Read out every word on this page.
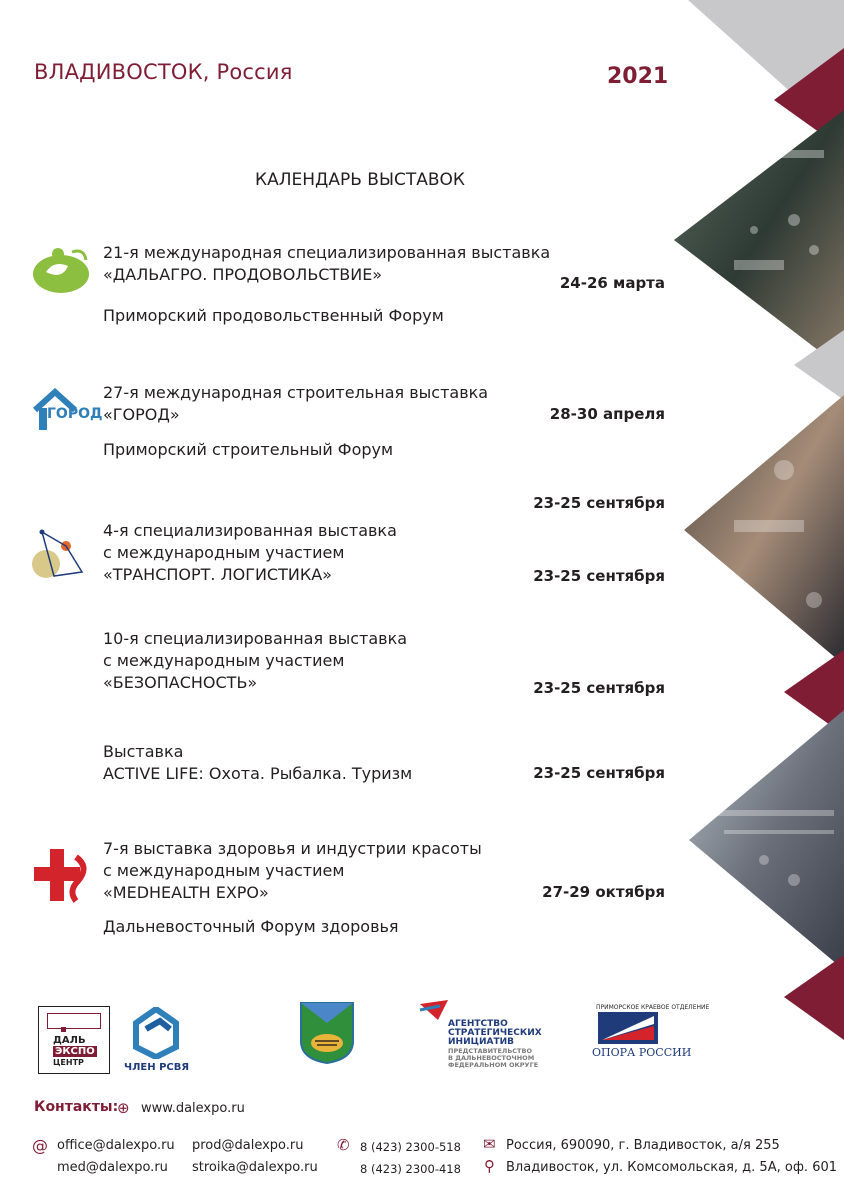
ВЛАДИВОСТОК, Россия	2021
КАЛЕНДАРЬ ВЫСТАВОК
21-я международная специализированная выставка
«ДАЛЬАГРО. ПРОДОВОЛЬСТВИЕ»	24-26 марта
Приморский продовольственный Форум
ГОРОД
27-я международная строительная выставка
«ГОРОД»	28-30 апреля
Приморский строительный Форум
23-25 сентября
4-я специализированная выставка
с международным участием
«ТРАНСПОРТ. ЛОГИСТИКА»	23-25 сентября
10-я специализированная выставка
с международным участием
«БЕЗОПАСНОСТЬ»	23-25 сентября
Выставка
ACTIVE LIFE: Охота. Рыбалка. Туризм	23-25 сентября
7-я выставка здоровья и индустрии красоты
с международным участием
«MEDHEALTH EXPO»	27-29 октября
Дальневосточный Форум здоровья
ДАЛЬ
ЭКСПО
ЦЕНТР	ЧЛЕН РСВЯ
АГЕНТСТВО
СТРАТЕГИЧЕСКИХ
ИНИЦИАТИВ
ПРЕДСТАВИТЕЛЬСТВО
В ДАЛЬНЕВОСТОЧНОМ
ФЕДЕРАЛЬНОМ ОКРУГЕ
ПРИМОРСКОЕ КРАЕВОЕ ОТДЕЛЕНИЕ
ОПОРА РОССИИ
Контакты:
⊕ www.dalexpo.ru
@ office@dalexpo.ru
med@dalexpo.ru
prod@dalexpo.ru
stroika@dalexpo.ru
✆ 8 (423) 2300-518
8 (423) 2300-418
✉ Россия, 690090, г. Владивосток, а/я 255
⚲ Владивосток, ул. Комсомольская, д. 5А, оф. 601
